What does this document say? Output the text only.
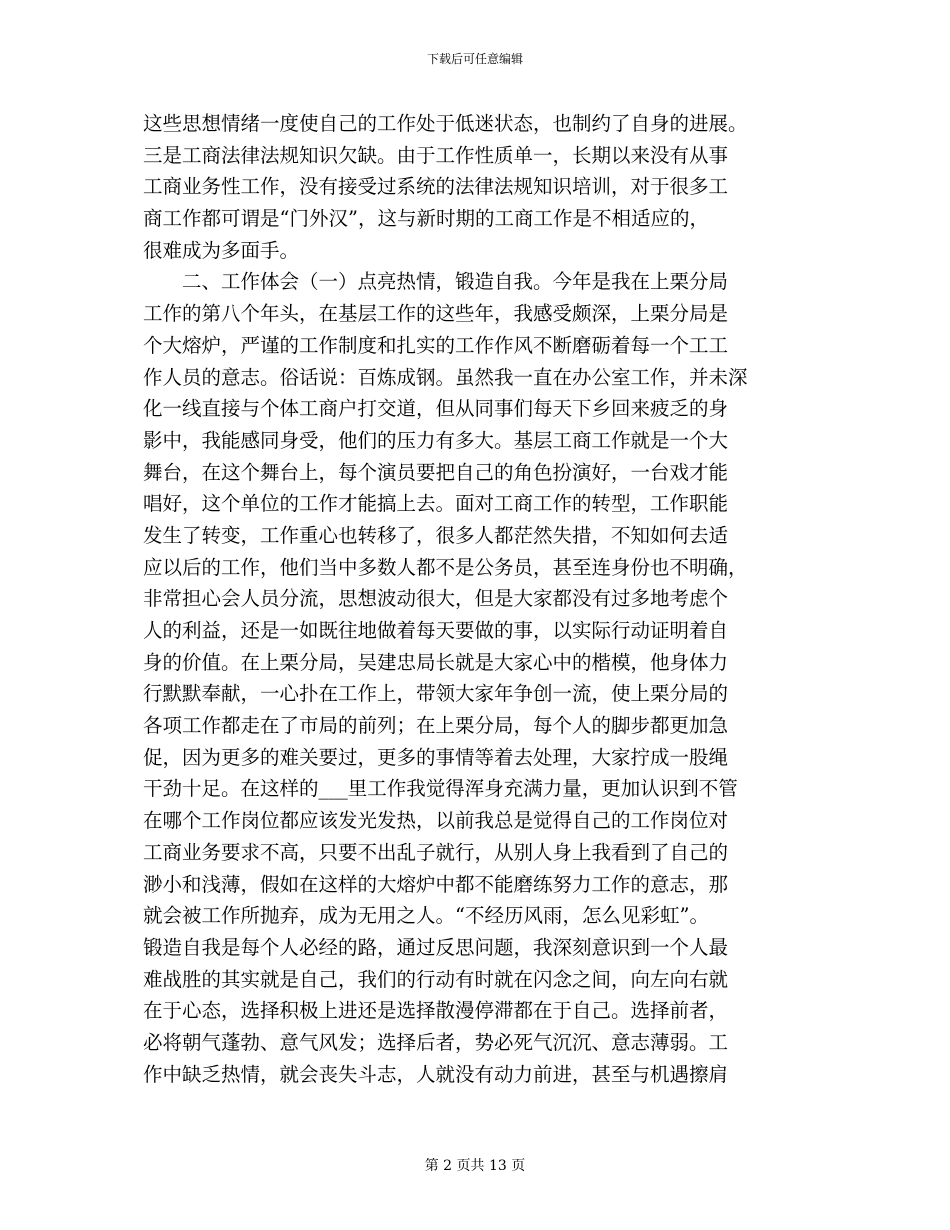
下载后可任意编辑
这些思想情绪一度使自己的工作处于低迷状态，也制约了自身的进展。
三是工商法律法规知识欠缺。由于工作性质单一，长期以来没有从事
工商业务性工作，没有接受过系统的法律法规知识培训，对于很多工
商工作都可谓是“门外汉”，这与新时期的工商工作是不相适应的，
很难成为多面手。
二、工作体会（一）点亮热情，锻造自我。今年是我在上栗分局
工作的第八个年头，在基层工作的这些年，我感受颇深，上栗分局是
个大熔炉，严谨的工作制度和扎实的工作作风不断磨砺着每一个工工
作人员的意志。俗话说：百炼成钢。虽然我一直在办公室工作，并未深
化一线直接与个体工商户打交道，但从同事们每天下乡回来疲乏的身
影中，我能感同身受，他们的压力有多大。基层工商工作就是一个大
舞台，在这个舞台上，每个演员要把自己的角色扮演好，一台戏才能
唱好，这个单位的工作才能搞上去。面对工商工作的转型，工作职能
发生了转变，工作重心也转移了，很多人都茫然失措，不知如何去适
应以后的工作，他们当中多数人都不是公务员，甚至连身份也不明确，
非常担心会人员分流，思想波动很大，但是大家都没有过多地考虑个
人的利益，还是一如既往地做着每天要做的事，以实际行动证明着自
身的价值。在上栗分局，吴建忠局长就是大家心中的楷模，他身体力
行默默奉献，一心扑在工作上，带领大家年争创一流，使上栗分局的
各项工作都走在了市局的前列；在上栗分局，每个人的脚步都更加急
促，因为更多的难关要过，更多的事情等着去处理，大家拧成一股绳
干劲十足。在这样的___里工作我觉得浑身充满力量，更加认识到不管
在哪个工作岗位都应该发光发热，以前我总是觉得自己的工作岗位对
工商业务要求不高，只要不出乱子就行，从别人身上我看到了自己的
渺小和浅薄，假如在这样的大熔炉中都不能磨练努力工作的意志，那
就会被工作所抛弃，成为无用之人。“不经历风雨，怎么见彩虹”。
锻造自我是每个人必经的路，通过反思问题，我深刻意识到一个人最
难战胜的其实就是自己，我们的行动有时就在闪念之间，向左向右就
在于心态，选择积极上进还是选择散漫停滞都在于自己。选择前者，
必将朝气蓬勃、意气风发；选择后者，势必死气沉沉、意志薄弱。工
作中缺乏热情，就会丧失斗志，人就没有动力前进，甚至与机遇擦肩
第 2 页共 13 页
